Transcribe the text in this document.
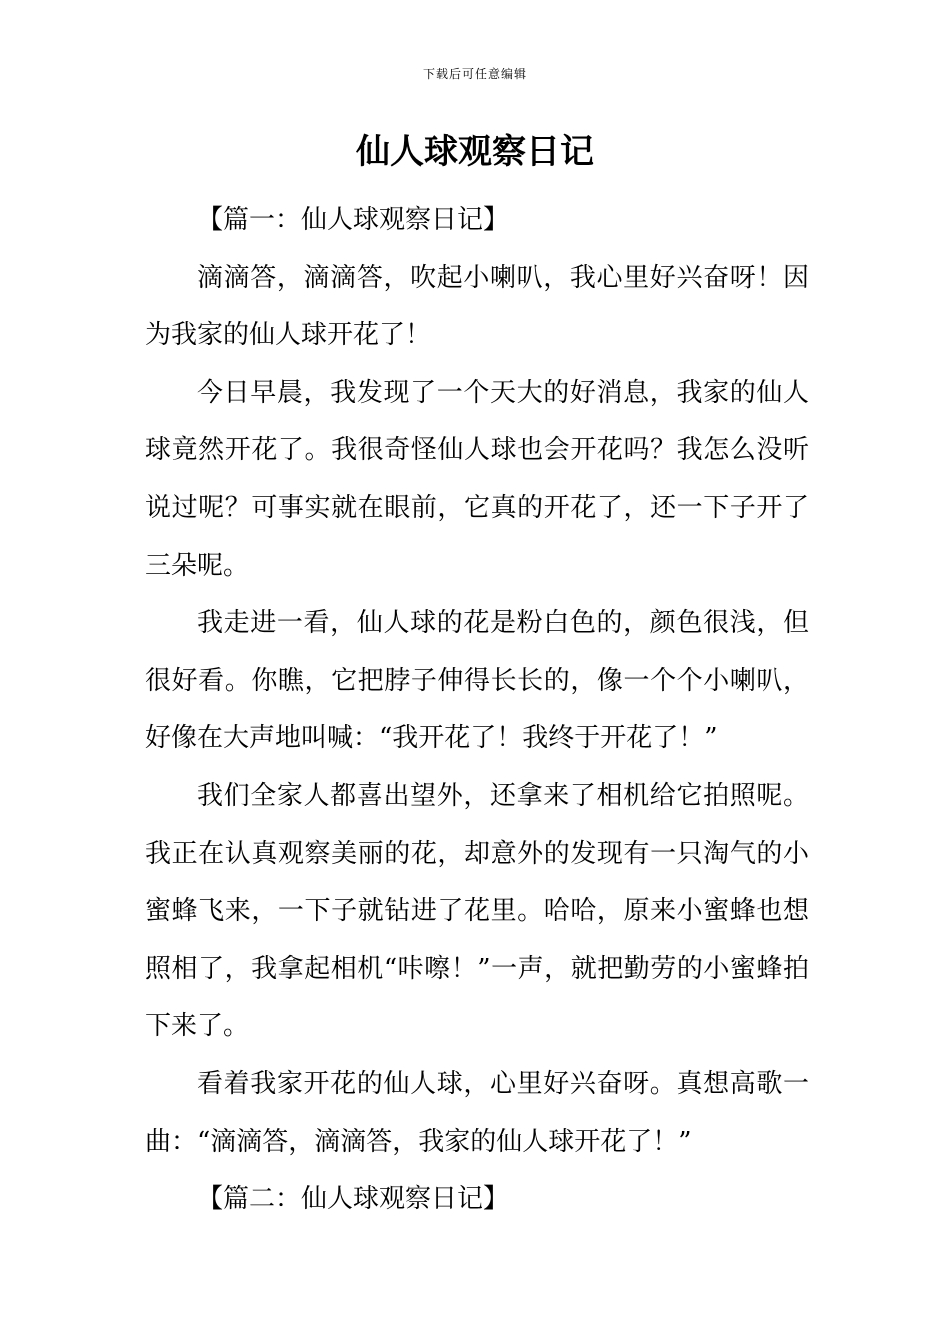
下载后可任意编辑
仙人球观察日记

【篇一：仙人球观察日记】

滴滴答，滴滴答，吹起小喇叭，我心里好兴奋呀！因为我家的仙人球开花了！

今日早晨，我发现了一个天大的好消息，我家的仙人球竟然开花了。我很奇怪仙人球也会开花吗？我怎么没听说过呢？可事实就在眼前，它真的开花了，还一下子开了三朵呢。

我走进一看，仙人球的花是粉白色的，颜色很浅，但很好看。你瞧，它把脖子伸得长长的，像一个个小喇叭，好像在大声地叫喊：“我开花了！我终于开花了！”

我们全家人都喜出望外，还拿来了相机给它拍照呢。我正在认真观察美丽的花，却意外的发现有一只淘气的小蜜蜂飞来，一下子就钻进了花里。哈哈，原来小蜜蜂也想照相了，我拿起相机“咔嚓！”一声，就把勤劳的小蜜蜂拍下来了。

看着我家开花的仙人球，心里好兴奋呀。真想高歌一曲：“滴滴答，滴滴答，我家的仙人球开花了！”

【篇二：仙人球观察日记】
